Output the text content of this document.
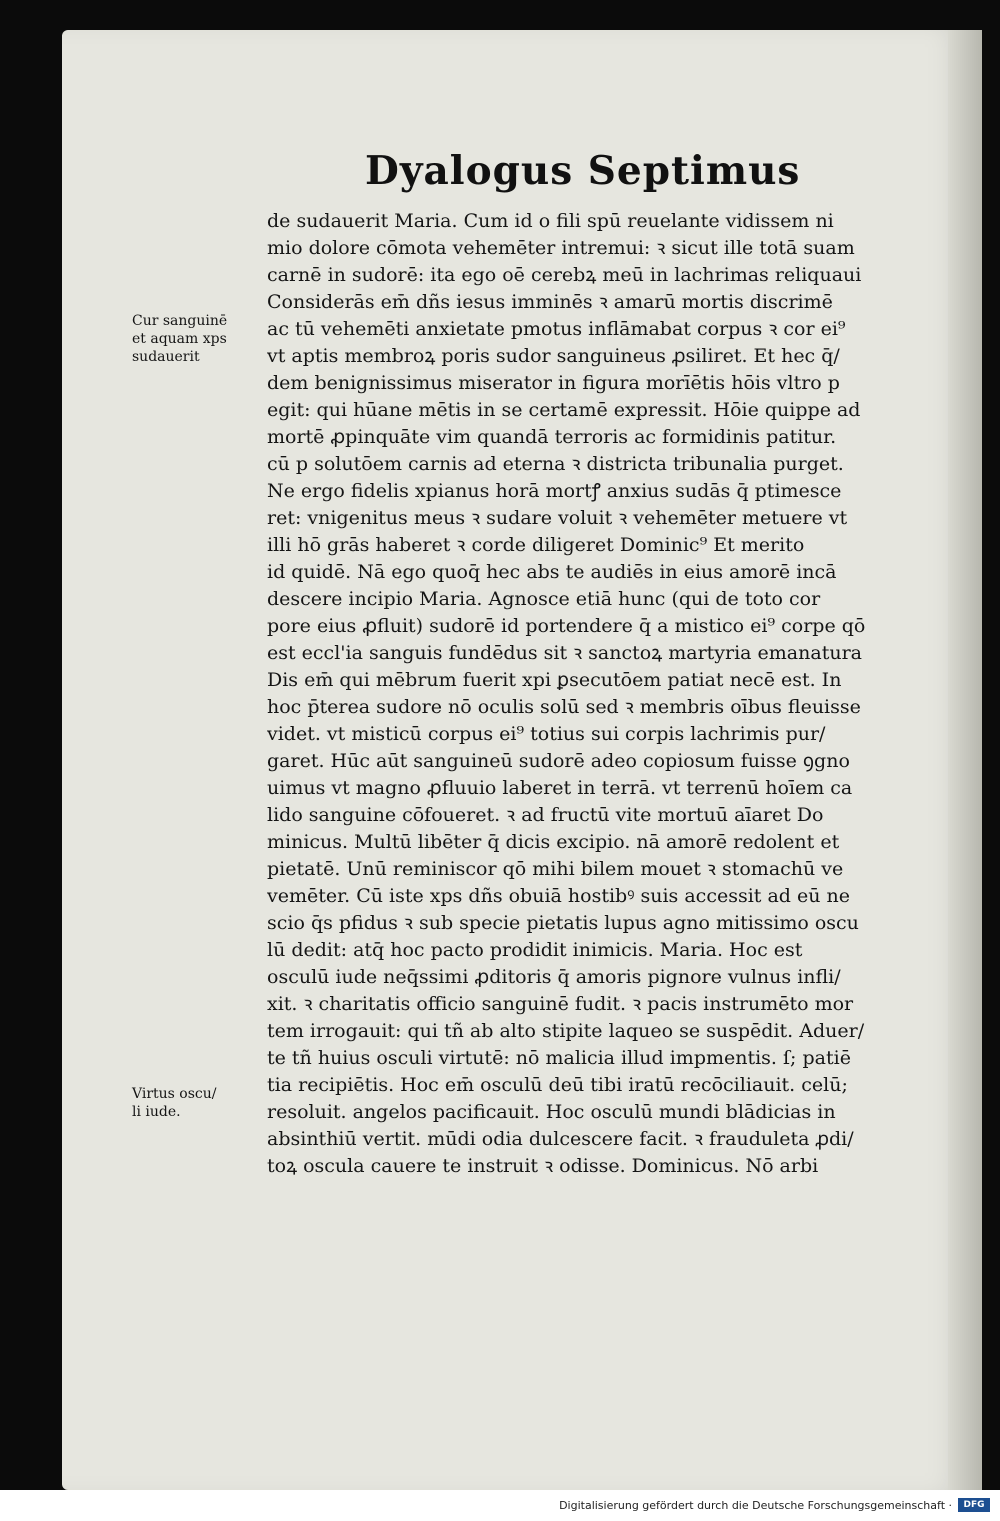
Dyalogus Septimus
Cur sanguinē
et aquam xps
sudauerit
Virtus oscu/
li iude.
de sudauerit Maria. Cum id o fili spū reuelante vidissem ni
mio dolore cōmota vehemēter intremui: ꝛ sicut ille totā suam
carnē in sudorē: ita ego oē cerebꝝ meū in lachrimas reliquaui
Considerās em̄ dñs iesus imminēs ꝛ amarū mortis discrimē
ac tū vehemēti anxietate pmotus inflāmabat corpus ꝛ cor ei⁹
vt aptis membroꝝ poris sudor sanguineus ꝓsiliret. Et hec q̄/
dem benignissimus miserator in figura morīētis hōis vltro p
egit: qui hūane mētis in se certamē expressit. Hōie quippe ad
mortē ꝓpinquāte vim quandā terroris ac formidinis patitur.
cū p solutōem carnis ad eterna ꝛ districta tribunalia purget.
Ne ergo fidelis xpianus horā mortꝭ anxius sudās q̄ ptimesce
ret: vnigenitus meus ꝛ sudare voluit ꝛ vehemēter metuere vt
illi hō grās haberet ꝛ corde diligeret Dominic⁹ Et merito
id quidē. Nā ego quoq̄ hec abs te audiēs in eius amorē incā
descere incipio Maria. Agnosce etiā hunc (qui de toto cor
pore eius ꝓfluit) sudorē id portendere q̄ a mistico ei⁹ corpe qō
est eccl'ia sanguis fundēdus sit ꝛ sanctoꝝ martyria emanatura
Dis em̄ qui mēbrum fuerit xpi ꝑsecutōem patiat necē est. In
hoc p̄terea sudore nō oculis solū sed ꝛ membris oībus fleuisse
videt. vt misticū corpus ei⁹ totius sui corpis lachrimis pur/
garet. Hūc aūt sanguineū sudorē adeo copiosum fuisse ꝯgno
uimus vt magno ꝓfluuio laberet in terrā. vt terrenū hoīem ca
lido sanguine cōfoueret. ꝛ ad fructū vite mortuū aīaret Do
minicus. Multū libēter q̄ dicis excipio. nā amorē redolent et
pietatē. Unū reminiscor qō mihi bilem mouet ꝛ stomachū ve
vemēter. Cū iste xps dñs obuiā hostibꝰ suis accessit ad eū ne
scio q̄s pfidus ꝛ sub specie pietatis lupus agno mitissimo oscu
lū dedit: atq̄ hoc pacto prodidit inimicis. Maria. Hoc est
osculū iude neq̄ssimi ꝓditoris q̄ amoris pignore vulnus infli/
xit. ꝛ charitatis officio sanguinē fudit. ꝛ pacis instrumēto mor
tem irrogauit: qui tñ ab alto stipite laqueo se suspēdit. Aduer/
te tñ huius osculi virtutē: nō malicia illud impmentis. ſ; patiē
tia recipiētis. Hoc em̄ osculū deū tibi iratū recōciliauit. celū;
resoluit. angelos pacificauit. Hoc osculū mundi blādicias in
absinthiū vertit. mūdi odia dulcescere facit. ꝛ frauduleta ꝓdi/
toꝝ oscula cauere te instruit ꝛ odisse. Dominicus. Nō arbi
Digitalisierung gefördert durch die Deutsche Forschungsgemeinschaft ·	DFG
